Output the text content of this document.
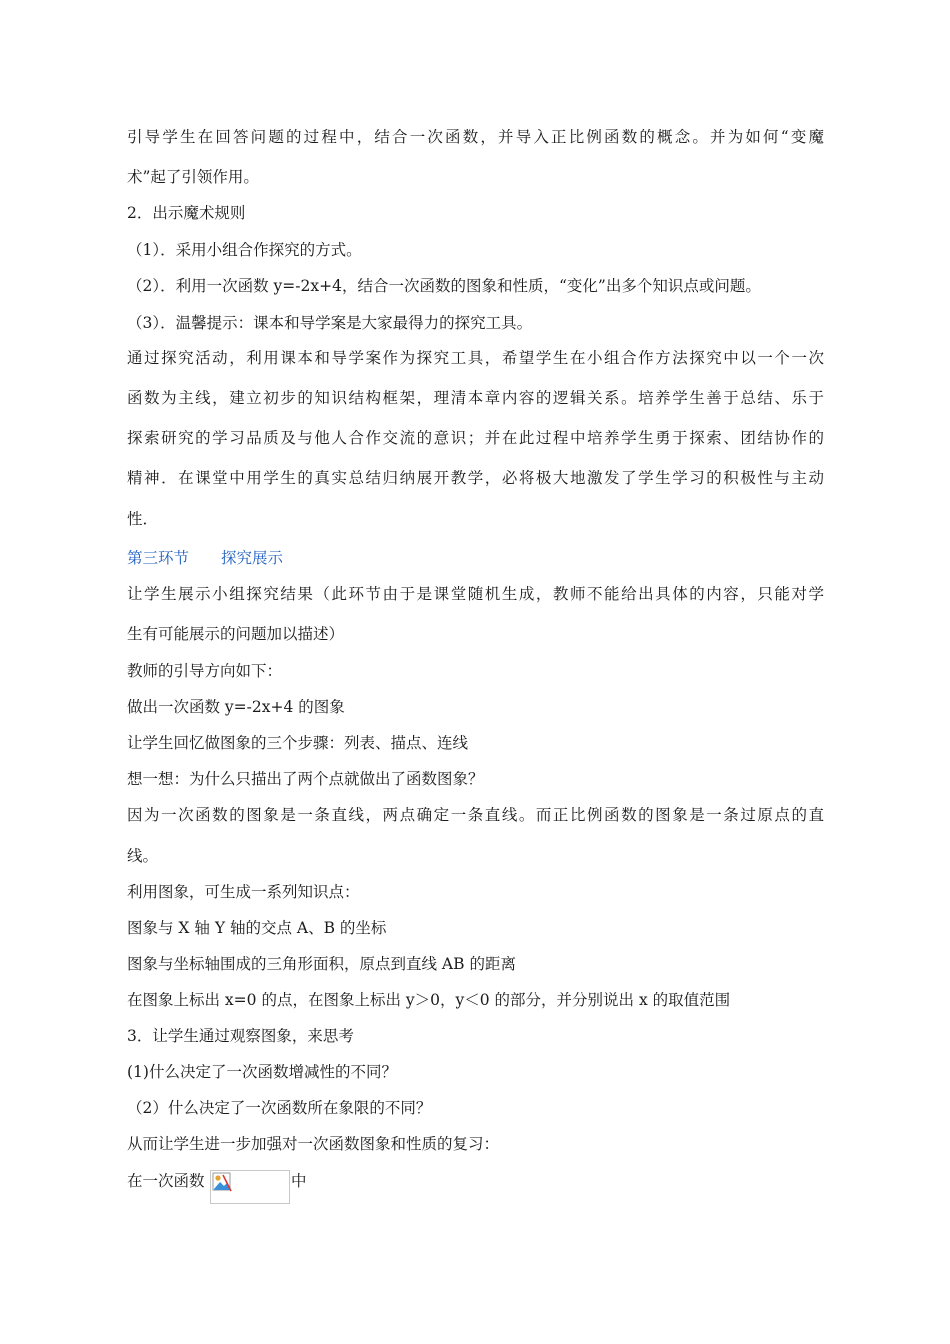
引导学生在回答问题的过程中，结合一次函数，并导入正比例函数的概念。并为如何“变魔
术”起了引领作用。
2．出示魔术规则
（1）．采用小组合作探究的方式。
（2）．利用一次函数 y=-2x+4，结合一次函数的图象和性质，“变化”出多个知识点或问题。
（3）．温馨提示：课本和导学案是大家最得力的探究工具。
通过探究活动，利用课本和导学案作为探究工具，希望学生在小组合作方法探究中以一个一次
函数为主线，建立初步的知识结构框架，理清本章内容的逻辑关系。培养学生善于总结、乐于
探索研究的学习品质及与他人合作交流的意识；并在此过程中培养学生勇于探索、团结协作的
精神．在课堂中用学生的真实总结归纳展开教学，必将极大地激发了学生学习的积极性与主动
性．
第三环节 探究展示
让学生展示小组探究结果（此环节由于是课堂随机生成，教师不能给出具体的内容，只能对学
生有可能展示的问题加以描述）
教师的引导方向如下：
做出一次函数 y=-2x+4 的图象
让学生回忆做图象的三个步骤：列表、描点、连线
想一想：为什么只描出了两个点就做出了函数图象？
因为一次函数的图象是一条直线，两点确定一条直线。而正比例函数的图象是一条过原点的直
线。
利用图象，可生成一系列知识点：
图象与 X 轴 Y 轴的交点 A、B 的坐标
图象与坐标轴围成的三角形面积，原点到直线 AB 的距离
在图象上标出 x=0 的点，在图象上标出 y＞0，y＜0 的部分，并分别说出 x 的取值范围
3．让学生通过观察图象，来思考
(1)什么决定了一次函数增减性的不同？
（2）什么决定了一次函数所在象限的不同？
从而让学生进一步加强对一次函数图象和性质的复习：
在一次函数	中
